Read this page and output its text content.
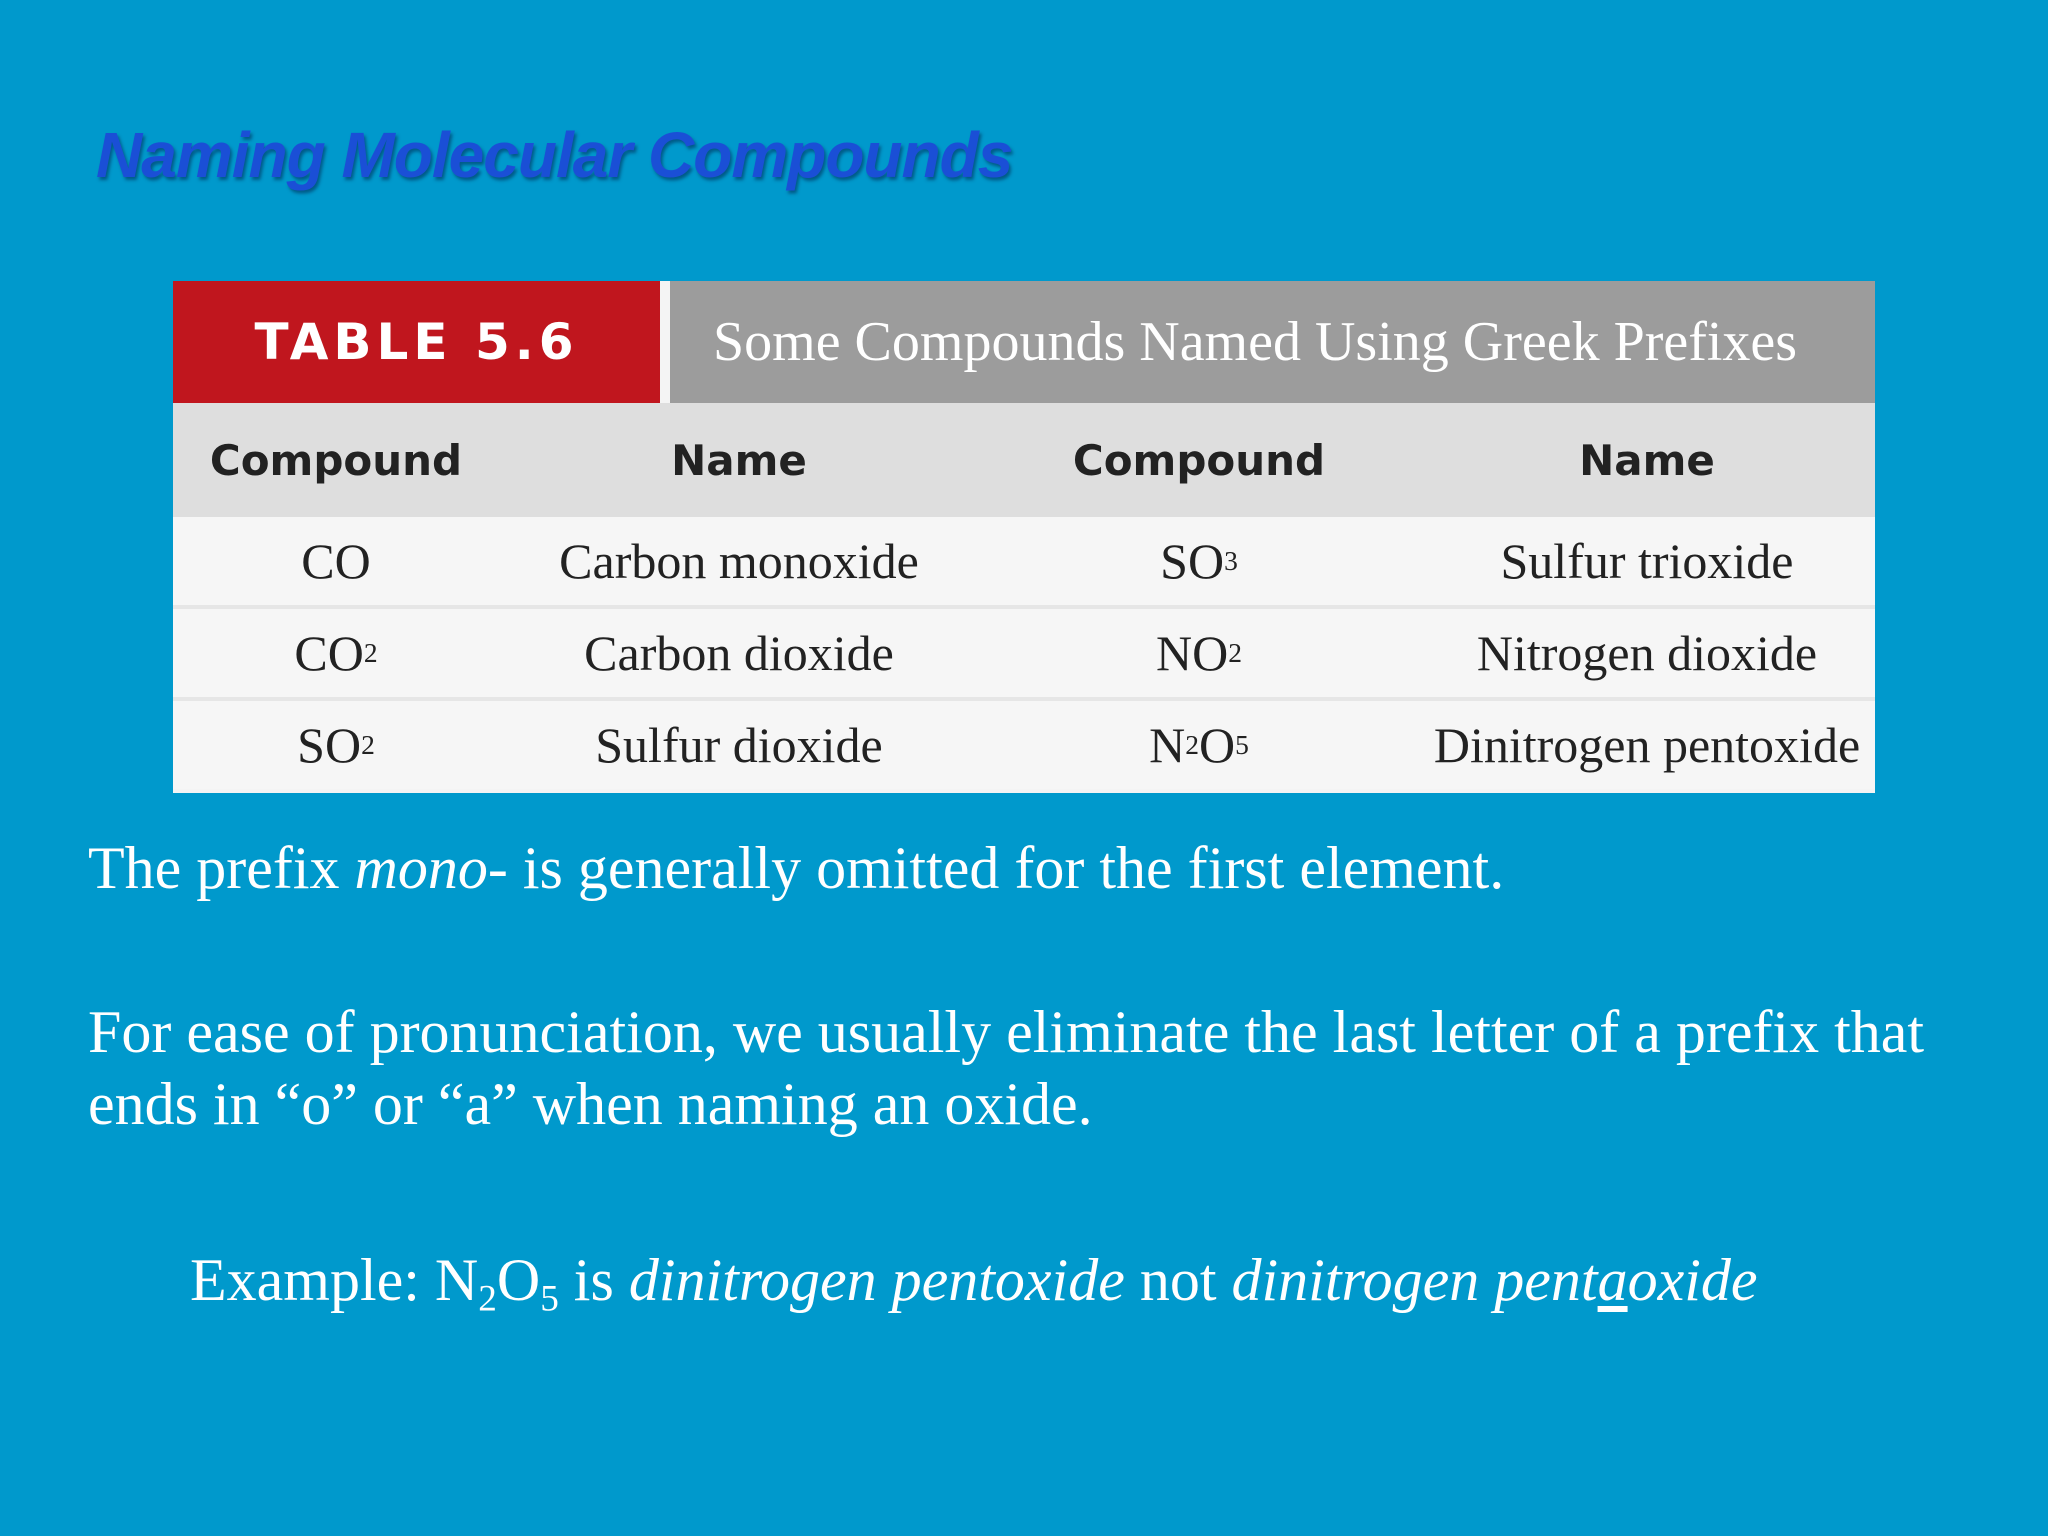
Naming Molecular Compounds
TABLE 5.6	Some Compounds Named Using Greek Prefixes
Compound	Name	Compound	Name
CO	Carbon monoxide	SO 3	Sulfur trioxide
CO 2	Carbon dioxide	NO 2	Nitrogen dioxide
SO 2	Sulfur dioxide	N 2 O 5	Dinitrogen pentoxide

The prefix mono- is generally omitted for the first element.

For ease of pronunciation, we usually eliminate the last letter of a prefix that ends in “o” or “a” when naming an oxide.

Example: $N_2O_5$ is dinitrogen pentoxide not dinitrogen pentaoxide
